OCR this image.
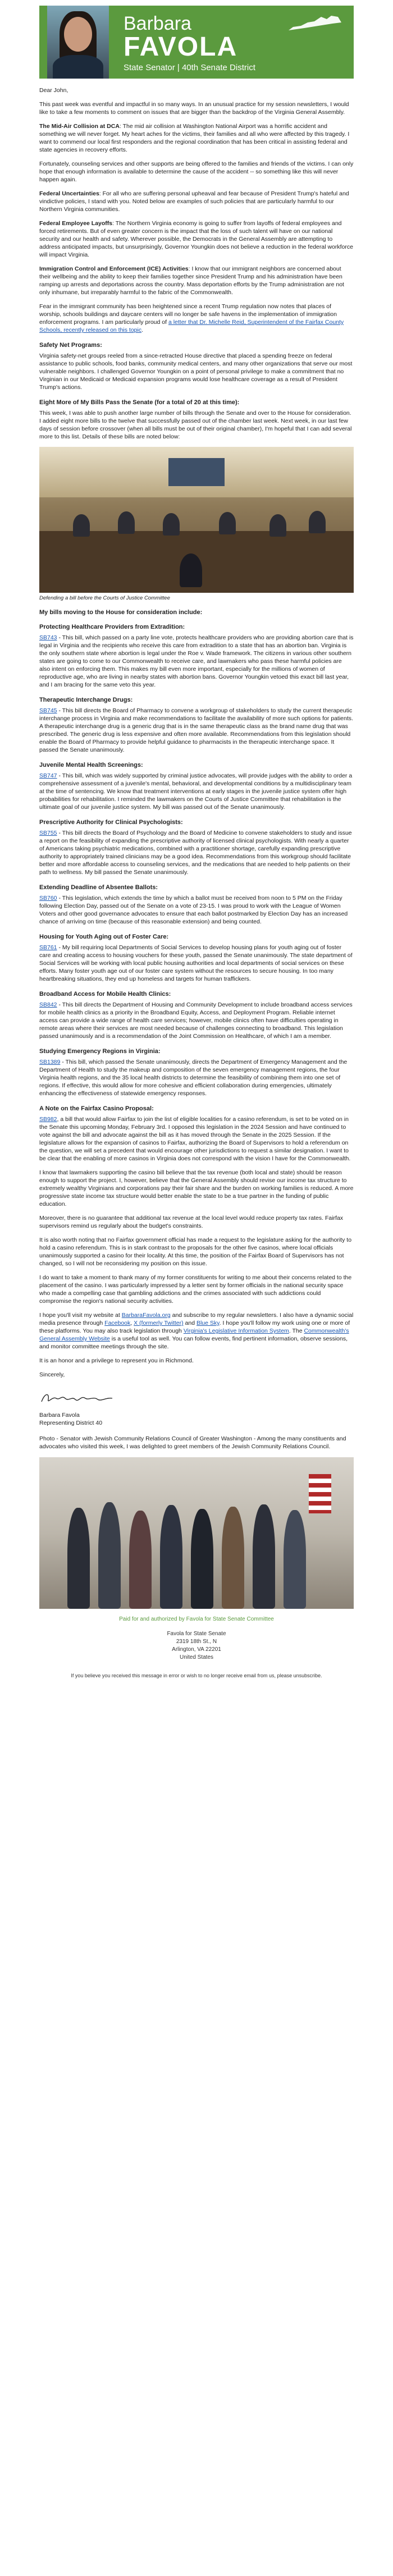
Barbara
FAVOLA
State Senator | 40th Senate District

Dear John,

This past week was eventful and impactful in so many ways. In an unusual practice for my session newsletters, I would like to take a few moments to comment on issues that are bigger than the backdrop of the Virginia General Assembly.

The Mid-Air Collision at DCA: The mid air collision at Washington National Airport was a horrific accident and something we will never forget. My heart aches for the victims, their families and all who were affected by this tragedy. I want to commend our local first responders and the regional coordination that has been critical in assisting federal and state agencies in recovery efforts.

Fortunately, counseling services and other supports are being offered to the families and friends of the victims. I can only hope that enough information is available to determine the cause of the accident -- so something like this will never happen again.

Federal Uncertainties: For all who are suffering personal upheaval and fear because of President Trump's hateful and vindictive policies, I stand with you. Noted below are examples of such policies that are particularly harmful to our Northern Virginia communities.

Federal Employee Layoffs: The Northern Virginia economy is going to suffer from layoffs of federal employees and forced retirements. But of even greater concern is the impact that the loss of such talent will have on our national security and our health and safety. Wherever possible, the Democrats in the General Assembly are attempting to address anticipated impacts, but unsurprisingly, Governor Youngkin does not believe a reduction in the federal workforce will impact Virginia.

Immigration Control and Enforcement (ICE) Activities: I know that our immigrant neighbors are concerned about their wellbeing and the ability to keep their families together since President Trump and his administration have been ramping up arrests and deportations across the country. Mass deportation efforts by the Trump administration are not only inhumane, but irreparably harmful to the fabric of the Commonwealth.

Fear in the immigrant community has been heightened since a recent Trump regulation now notes that places of worship, schools buildings and daycare centers will no longer be safe havens in the implementation of immigration enforcement programs. I am particularly proud of a letter that Dr. Michelle Reid, Superintendent of the Fairfax County Schools, recently released on this topic.

Safety Net Programs:

Virginia safety-net groups reeled from a since-retracted House directive that placed a spending freeze on federal assistance to public schools, food banks, community medical centers, and many other organizations that serve our most vulnerable neighbors. I challenged Governor Youngkin on a point of personal privilege to make a commitment that no Virginian in our Medicaid or Medicaid expansion programs would lose healthcare coverage as a result of President Trump's actions.

Eight More of My Bills Pass the Senate (for a total of 20 at this time):

This week, I was able to push another large number of bills through the Senate and over to the House for consideration. I added eight more bills to the twelve that successfully passed out of the chamber last week. Next week, in our last few days of session before crossover (when all bills must be out of their original chamber), I'm hopeful that I can add several more to this list. Details of these bills are noted below:

Defending a bill before the Courts of Justice Committee
My bills moving to the House for consideration include:
Protecting Healthcare Providers from Extradition:

SB743 - This bill, which passed on a party line vote, protects healthcare providers who are providing abortion care that is legal in Virginia and the recipients who receive this care from extradition to a state that has an abortion ban. Virginia is the only southern state where abortion is legal under the Roe v. Wade framework. The citizens in various other southern states are going to come to our Commonwealth to receive care, and lawmakers who pass these harmful policies are also intent on enforcing them. This makes my bill even more important, especially for the millions of women of reproductive age, who are living in nearby states with abortion bans. Governor Youngkin vetoed this exact bill last year, and I am bracing for the same veto this year.

Therapeutic Interchange Drugs:

SB745 - This bill directs the Board of Pharmacy to convene a workgroup of stakeholders to study the current therapeutic interchange process in Virginia and make recommendations to facilitate the availability of more such options for patients. A therapeutic interchange drug is a generic drug that is in the same therapeutic class as the brand name drug that was prescribed. The generic drug is less expensive and often more available. Recommendations from this legislation should enable the Board of Pharmacy to provide helpful guidance to pharmacists in the therapeutic interchange space. It passed the Senate unanimously.

Juvenile Mental Health Screenings:

SB747 - This bill, which was widely supported by criminal justice advocates, will provide judges with the ability to order a comprehensive assessment of a juvenile's mental, behavioral, and developmental conditions by a multidisciplinary team at the time of sentencing. We know that treatment interventions at early stages in the juvenile justice system offer high probabilities for rehabilitation. I reminded the lawmakers on the Courts of Justice Committee that rehabilitation is the ultimate goal of our juvenile justice system. My bill was passed out of the Senate unanimously.

Prescriptive Authority for Clinical Psychologists:

SB755 - This bill directs the Board of Psychology and the Board of Medicine to convene stakeholders to study and issue a report on the feasibility of expanding the prescriptive authority of licensed clinical psychologists. With nearly a quarter of Americans taking psychiatric medications, combined with a practitioner shortage, carefully expanding prescriptive authority to appropriately trained clinicians may be a good idea. Recommendations from this workgroup should facilitate better and more affordable access to counseling services, and the medications that are needed to help patients on their path to wellness. My bill passed the Senate unanimously.

Extending Deadline of Absentee Ballots:

SB760 - This legislation, which extends the time by which a ballot must be received from noon to 5 PM on the Friday following Election Day, passed out of the Senate on a vote of 23-15. I was proud to work with the League of Women Voters and other good governance advocates to ensure that each ballot postmarked by Election Day has an increased chance of arriving on time (because of this reasonable extension) and being counted.

Housing for Youth Aging out of Foster Care:

SB761 - My bill requiring local Departments of Social Services to develop housing plans for youth aging out of foster care and creating access to housing vouchers for these youth, passed the Senate unanimously. The state department of Social Services will be working with local public housing authorities and local departments of social services on these efforts. Many foster youth age out of our foster care system without the resources to secure housing. In too many heartbreaking situations, they end up homeless and targets for human traffickers.

Broadband Access for Mobile Health Clinics:

SB842 - This bill directs the Department of Housing and Community Development to include broadband access services for mobile health clinics as a priority in the Broadband Equity, Access, and Deployment Program. Reliable internet access can provide a wide range of health care services; however, mobile clinics often have difficulties operating in remote areas where their services are most needed because of challenges connecting to broadband. This legislation passed unanimously and is a recommendation of the Joint Commission on Healthcare, of which I am a member.

Studying Emergency Regions in Virginia:

SB1389 - This bill, which passed the Senate unanimously, directs the Department of Emergency Management and the Department of Health to study the makeup and composition of the seven emergency management regions, the four Virginia health regions, and the 35 local health districts to determine the feasibility of combining them into one set of regions. If effective, this would allow for more cohesive and efficient collaboration during emergencies, ultimately enhancing the effectiveness of statewide emergency responses.

A Note on the Fairfax Casino Proposal:

SB982, a bill that would allow Fairfax to join the list of eligible localities for a casino referendum, is set to be voted on in the Senate this upcoming Monday, February 3rd. I opposed this legislation in the 2024 Session and have continued to vote against the bill and advocate against the bill as it has moved through the Senate in the 2025 Session. If the legislature allows for the expansion of casinos to Fairfax, authorizing the Board of Supervisors to hold a referendum on the question, we will set a precedent that would encourage other jurisdictions to request a similar designation. I want to be clear that the enabling of more casinos in Virginia does not correspond with the vision I have for the Commonwealth.

I know that lawmakers supporting the casino bill believe that the tax revenue (both local and state) should be reason enough to support the project. I, however, believe that the General Assembly should revise our income tax structure to extremely wealthy Virginians and corporations pay their fair share and the burden on working families is reduced. A more progressive state income tax structure would better enable the state to be a true partner in the funding of public education.

Moreover, there is no guarantee that additional tax revenue at the local level would reduce property tax rates. Fairfax supervisors remind us regularly about the budget's constraints.

It is also worth noting that no Fairfax government official has made a request to the legislature asking for the authority to hold a casino referendum. This is in stark contrast to the proposals for the other five casinos, where local officials unanimously supported a casino for their locality. At this time, the position of the Fairfax Board of Supervisors has not changed, so I will not be reconsidering my position on this issue.

I do want to take a moment to thank many of my former constituents for writing to me about their concerns related to the placement of the casino. I was particularly impressed by a letter sent by former officials in the national security space who made a compelling case that gambling addictions and the crimes associated with such addictions could compromise the region's national security activities.

I hope you'll visit my website at BarbaraFavola.org and subscribe to my regular newsletters. I also have a dynamic social media presence through Facebook, X (formerly Twitter) and Blue Sky. I hope you'll follow my work using one or more of these platforms. You may also track legislation through Virginia's Legislative Information System. The Commonwealth's General Assembly Website is a useful tool as well. You can follow events, find pertinent information, observe sessions, and monitor committee meetings through the site.

It is an honor and a privilege to represent you in Richmond.

Sincerely,

Barbara Favola
Representing District 40

Photo - Senator with Jewish Community Relations Council of Greater Washington - Among the many constituents and advocates who visited this week, I was delighted to greet members of the Jewish Community Relations Council.

Paid for and authorized by Favola for State Senate Committee
Favola for State Senate
2319 18th St., N
Arlington, VA 22201
United States
If you believe you received this message in error or wish to no longer receive email from us, please unsubscribe.
